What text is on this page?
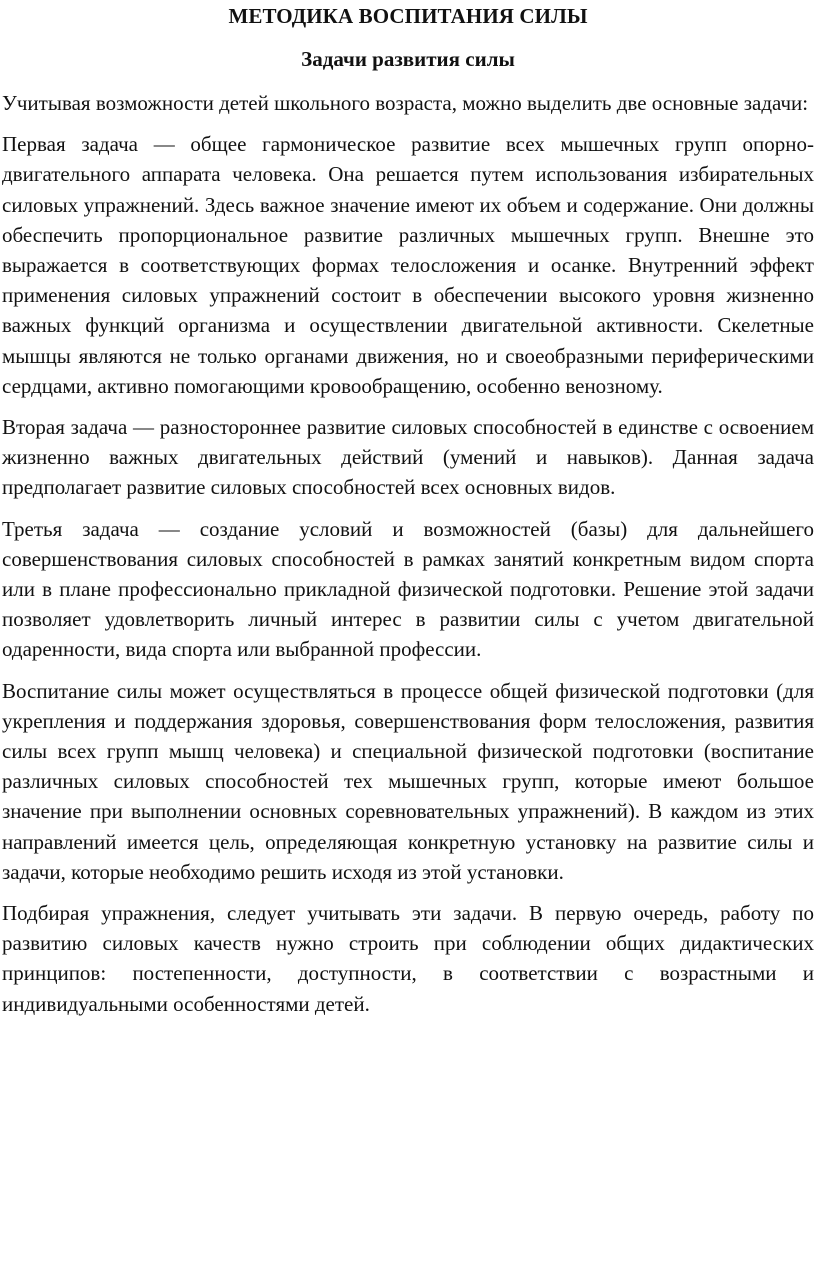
МЕТОДИКА ВОСПИТАНИЯ СИЛЫ
Задачи развития силы

Учитывая возможности детей школьного возраста, можно выделить две основные задачи:

Первая задача — общее гармоническое развитие всех мышечных групп опорно-двигательного аппарата человека. Она решается путем использования избирательных силовых упражнений. Здесь важное значение имеют их объем и содержание. Они должны обеспечить пропорциональное развитие различных мышечных групп. Внешне это выражается в соответствующих формах телосложения и осанке. Внутренний эффект применения силовых упражнений состоит в обеспечении высокого уровня жизненно важных функций организма и осуществлении двигательной активности. Скелетные мышцы являются не только органами движения, но и своеобразными периферическими сердцами, активно помогающими кровообращению, особенно венозному.

Вторая задача — разностороннее развитие силовых способностей в единстве с освоением жизненно важных двигательных действий (умений и навыков). Данная задача предполагает развитие силовых способностей всех основных видов.

Третья задача — создание условий и возможностей (базы) для дальнейшего совершенствования силовых способностей в рамках занятий конкретным видом спорта или в плане профессионально прикладной физической подготовки. Решение этой задачи позволяет удовлетворить личный интерес в развитии силы с учетом двигательной одаренности, вида спорта или выбранной профессии.

Воспитание силы может осуществляться в процессе общей физической подготовки (для укрепления и поддержания здоровья, совершенствования форм телосложения, развития силы всех групп мышц человека) и специальной физической подготовки (воспитание различных силовых способностей тех мышечных групп, которые имеют большое значение при выполнении основных соревновательных упражнений). В каждом из этих направлений имеется цель, определяющая конкретную установку на развитие силы и задачи, которые необходимо решить исходя из этой установки.

Подбирая упражнения, следует учитывать эти задачи. В первую очередь, работу по развитию силовых качеств нужно строить при соблюдении общих дидактических принципов: постепенности, доступности, в соответствии с возрастными и индивидуальными особенностями детей.
